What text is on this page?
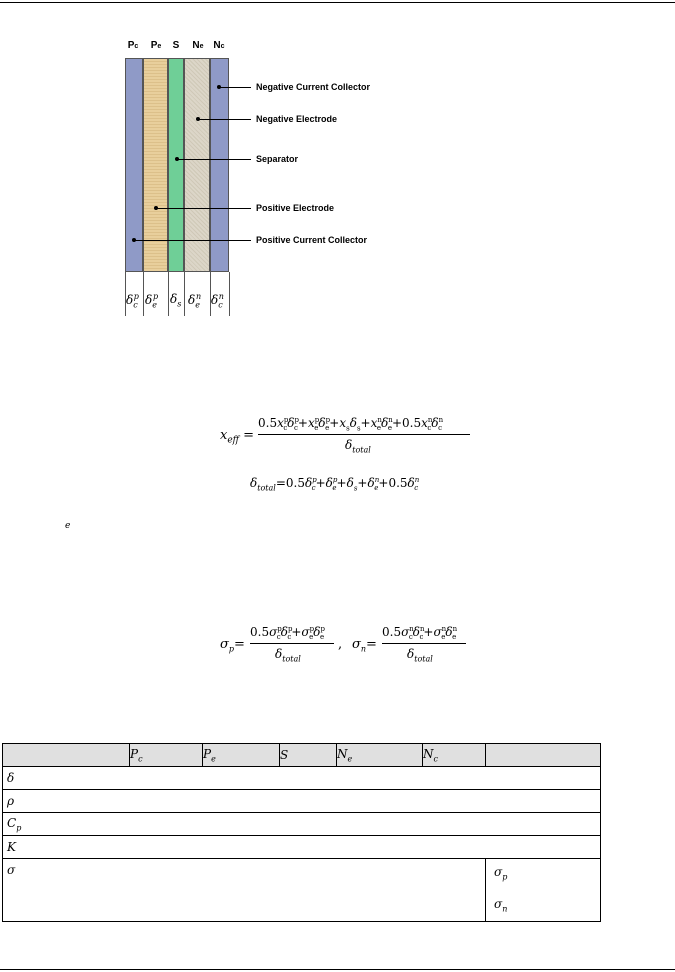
Pc	Pe	S	Ne Nc
$\delta_c^p$ $\delta_e^p$ $\delta_s$ $\delta_e^n$ $\delta_c^n$
Negative Current Collector
Negative Electrode
Separator
Positive Electrode
Positive Current Collector
$x_{eff}$ =
$0.5x^p_c\delta^p_c+x^p_e\delta^p_e+x_s\delta_s+x^n_e\delta^n_e+0.5x^n_c\delta^n_c$
$\delta_{total}$
$\delta_{total}=0.5\delta^p_c+\delta^p_e+\delta_s+\delta^n_e+0.5\delta^n_c$
e
$\sigma_p=$
$0.5\sigma^p_c\delta^p_c+\sigma^p_e\delta^p_e$
$\delta_{total}$
, $\sigma_n=$
$0.5\sigma^n_c\delta^n_c+\sigma^n_e\delta^n_e$
$\delta_{total}$
	$P_c$	$P_e$	S	$N_e$	$N_c$	
δ						
ρ						
$C_p$
K						
σ						$\sigma_p$
$\sigma_n$
